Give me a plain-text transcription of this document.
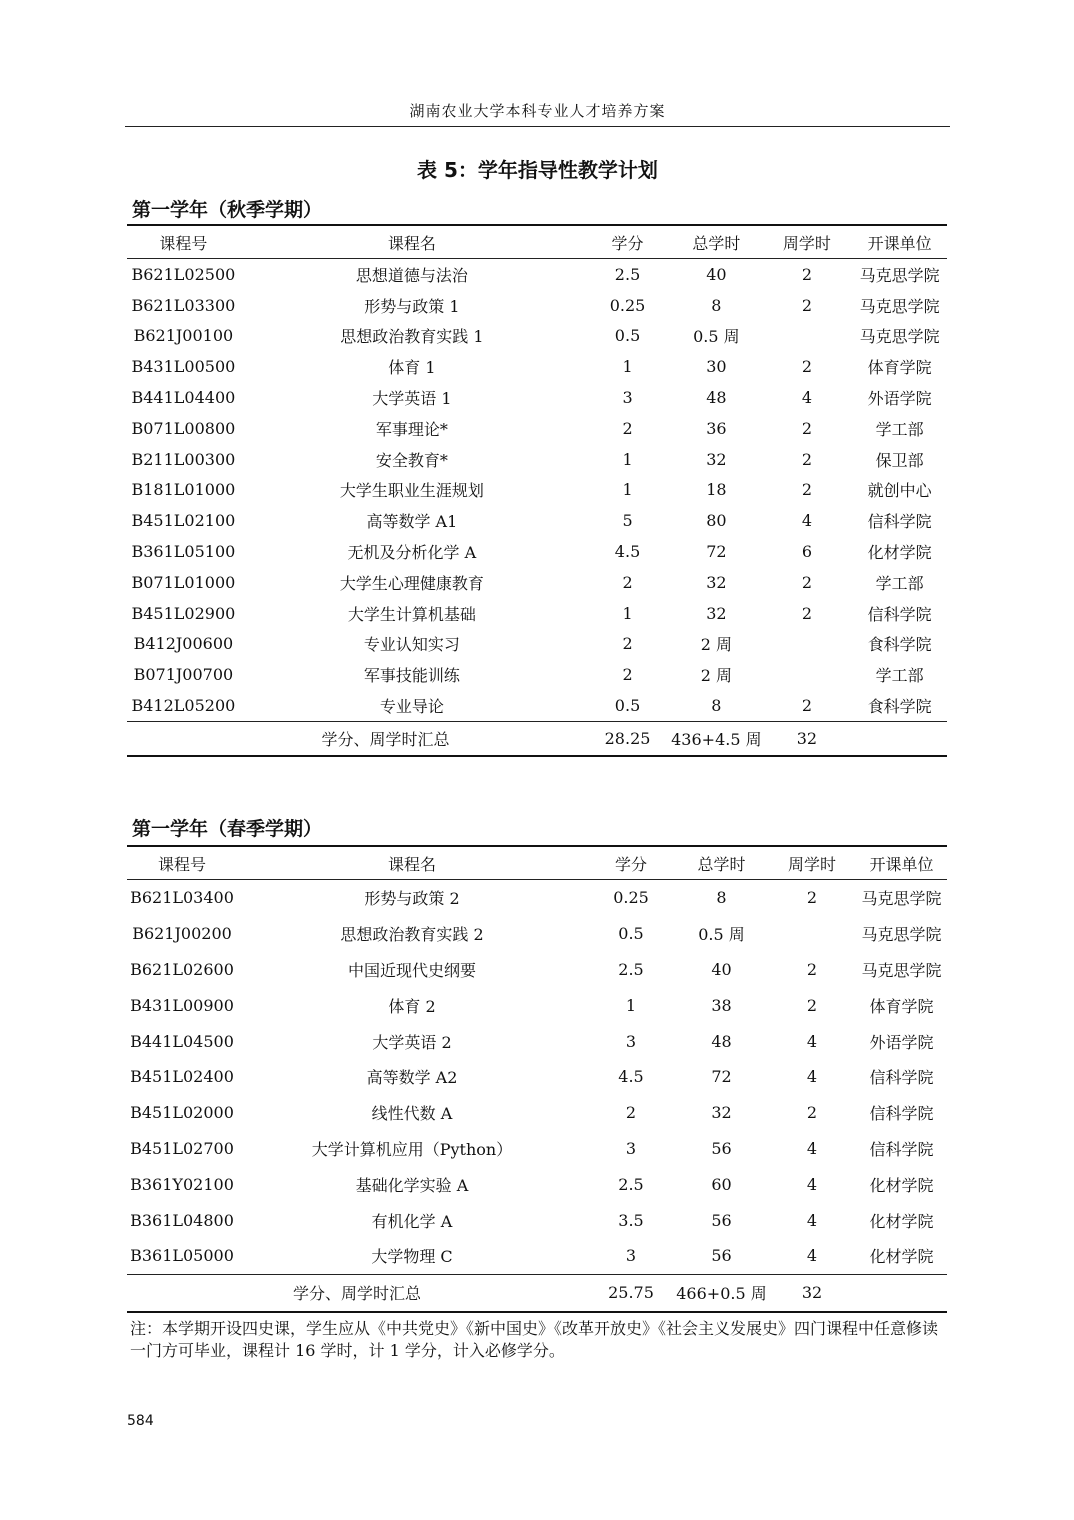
湖南农业大学本科专业人才培养方案
表 5：学年指导性教学计划
第一学年（秋季学期）
课程号	课程名	学分	总学时	周学时	开课单位
B621L02500	思想道德与法治	2.5	40	2	马克思学院
B621L03300	形势与政策 1	0.25	8	2	马克思学院
B621J00100	思想政治教育实践 1	0.5	0.5 周		马克思学院
B431L00500	体育 1	1	30	2	体育学院
B441L04400	大学英语 1	3	48	4	外语学院
B071L00800	军事理论*	2	36	2	学工部
B211L00300	安全教育*	1	32	2	保卫部
B181L01000	大学生职业生涯规划	1	18	2	就创中心
B451L02100	高等数学 A1	5	80	4	信科学院
B361L05100	无机及分析化学 A	4.5	72	6	化材学院
B071L01000	大学生心理健康教育	2	32	2	学工部
B451L02900	大学生计算机基础	1	32	2	信科学院
B412J00600	专业认知实习	2	2 周		食科学院
B071J00700	军事技能训练	2	2 周		学工部
B412L05200	专业导论	0.5	8	2	食科学院
学分、周学时汇总		28.25	436+4.5 周	32	
第一学年（春季学期）
课程号	课程名	学分	总学时	周学时	开课单位
B621L03400	形势与政策 2	0.25	8	2	马克思学院
B621J00200	思想政治教育实践 2	0.5	0.5 周		马克思学院
B621L02600	中国近现代史纲要	2.5	40	2	马克思学院
B431L00900	体育 2	1	38	2	体育学院
B441L04500	大学英语 2	3	48	4	外语学院
B451L02400	高等数学 A2	4.5	72	4	信科学院
B451L02000	线性代数 A	2	32	2	信科学院
B451L02700	大学计算机应用（Python）	3	56	4	信科学院
B361Y02100	基础化学实验 A	2.5	60	4	化材学院
B361L04800	有机化学 A	3.5	56	4	化材学院
B361L05000	大学物理 C	3	56	4	化材学院
学分、周学时汇总		25.75	466+0.5 周	32	
注：本学期开设四史课，学生应从《中共党史》《新中国史》《改革开放史》《社会主义发展史》四门课程中任意修读一门方可毕业，课程计 16 学时，计 1 学分，计入必修学分。
584
